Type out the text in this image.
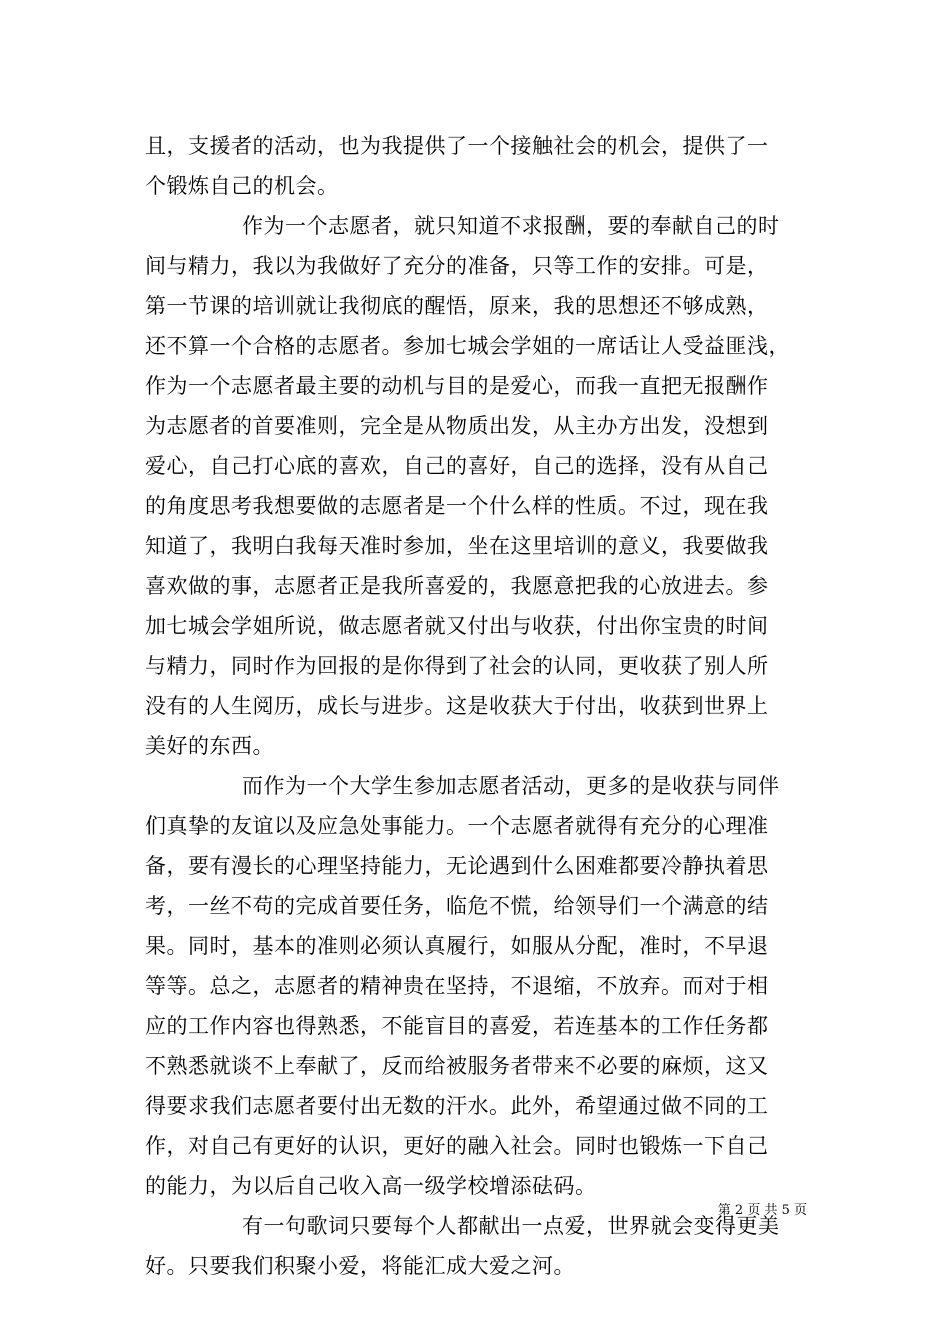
且，支援者的活动，也为我提供了一个接触社会的机会，提供了一
个锻炼自己的机会。
作为一个志愿者，就只知道不求报酬，要的奉献自己的时
间与精力，我以为我做好了充分的准备，只等工作的安排。可是，
第一节课的培训就让我彻底的醒悟，原来，我的思想还不够成熟，
还不算一个合格的志愿者。参加七城会学姐的一席话让人受益匪浅，
作为一个志愿者最主要的动机与目的是爱心，而我一直把无报酬作
为志愿者的首要准则，完全是从物质出发，从主办方出发，没想到
爱心，自己打心底的喜欢，自己的喜好，自己的选择，没有从自己
的角度思考我想要做的志愿者是一个什么样的性质。不过，现在我
知道了，我明白我每天准时参加，坐在这里培训的意义，我要做我
喜欢做的事，志愿者正是我所喜爱的，我愿意把我的心放进去。参
加七城会学姐所说，做志愿者就又付出与收获，付出你宝贵的时间
与精力，同时作为回报的是你得到了社会的认同，更收获了别人所
没有的人生阅历，成长与进步。这是收获大于付出，收获到世界上
美好的东西。
而作为一个大学生参加志愿者活动，更多的是收获与同伴
们真挚的友谊以及应急处事能力。一个志愿者就得有充分的心理准
备，要有漫长的心理坚持能力，无论遇到什么困难都要冷静执着思
考，一丝不苟的完成首要任务，临危不慌，给领导们一个满意的结
果。同时，基本的准则必须认真履行，如服从分配，准时，不早退
等等。总之，志愿者的精神贵在坚持，不退缩，不放弃。而对于相
应的工作内容也得熟悉，不能盲目的喜爱，若连基本的工作任务都
不熟悉就谈不上奉献了，反而给被服务者带来不必要的麻烦，这又
得要求我们志愿者要付出无数的汗水。此外，希望通过做不同的工
作，对自己有更好的认识，更好的融入社会。同时也锻炼一下自己
的能力，为以后自己收入高一级学校增添砝码。
有一句歌词只要每个人都献出一点爱，世界就会变得更美
好。只要我们积聚小爱，将能汇成大爱之河。
第 2 页 共 5 页
